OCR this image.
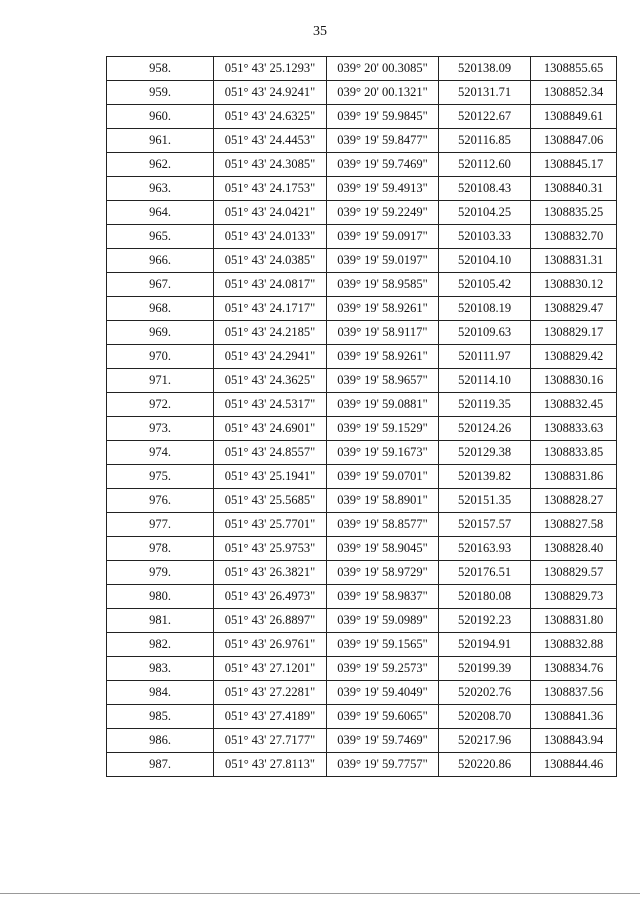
35
958.	051° 43' 25.1293"	039° 20' 00.3085"	520138.09	1308855.65
959.	051° 43' 24.9241"	039° 20' 00.1321"	520131.71	1308852.34
960.	051° 43' 24.6325"	039° 19' 59.9845"	520122.67	1308849.61
961.	051° 43' 24.4453"	039° 19' 59.8477"	520116.85	1308847.06
962.	051° 43' 24.3085"	039° 19' 59.7469"	520112.60	1308845.17
963.	051° 43' 24.1753"	039° 19' 59.4913"	520108.43	1308840.31
964.	051° 43' 24.0421"	039° 19' 59.2249"	520104.25	1308835.25
965.	051° 43' 24.0133"	039° 19' 59.0917"	520103.33	1308832.70
966.	051° 43' 24.0385"	039° 19' 59.0197"	520104.10	1308831.31
967.	051° 43' 24.0817"	039° 19' 58.9585"	520105.42	1308830.12
968.	051° 43' 24.1717"	039° 19' 58.9261"	520108.19	1308829.47
969.	051° 43' 24.2185"	039° 19' 58.9117"	520109.63	1308829.17
970.	051° 43' 24.2941"	039° 19' 58.9261"	520111.97	1308829.42
971.	051° 43' 24.3625"	039° 19' 58.9657"	520114.10	1308830.16
972.	051° 43' 24.5317"	039° 19' 59.0881"	520119.35	1308832.45
973.	051° 43' 24.6901"	039° 19' 59.1529"	520124.26	1308833.63
974.	051° 43' 24.8557"	039° 19' 59.1673"	520129.38	1308833.85
975.	051° 43' 25.1941"	039° 19' 59.0701"	520139.82	1308831.86
976.	051° 43' 25.5685"	039° 19' 58.8901"	520151.35	1308828.27
977.	051° 43' 25.7701"	039° 19' 58.8577"	520157.57	1308827.58
978.	051° 43' 25.9753"	039° 19' 58.9045"	520163.93	1308828.40
979.	051° 43' 26.3821"	039° 19' 58.9729"	520176.51	1308829.57
980.	051° 43' 26.4973"	039° 19' 58.9837"	520180.08	1308829.73
981.	051° 43' 26.8897"	039° 19' 59.0989"	520192.23	1308831.80
982.	051° 43' 26.9761"	039° 19' 59.1565"	520194.91	1308832.88
983.	051° 43' 27.1201"	039° 19' 59.2573"	520199.39	1308834.76
984.	051° 43' 27.2281"	039° 19' 59.4049"	520202.76	1308837.56
985.	051° 43' 27.4189"	039° 19' 59.6065"	520208.70	1308841.36
986.	051° 43' 27.7177"	039° 19' 59.7469"	520217.96	1308843.94
987.	051° 43' 27.8113"	039° 19' 59.7757"	520220.86	1308844.46
